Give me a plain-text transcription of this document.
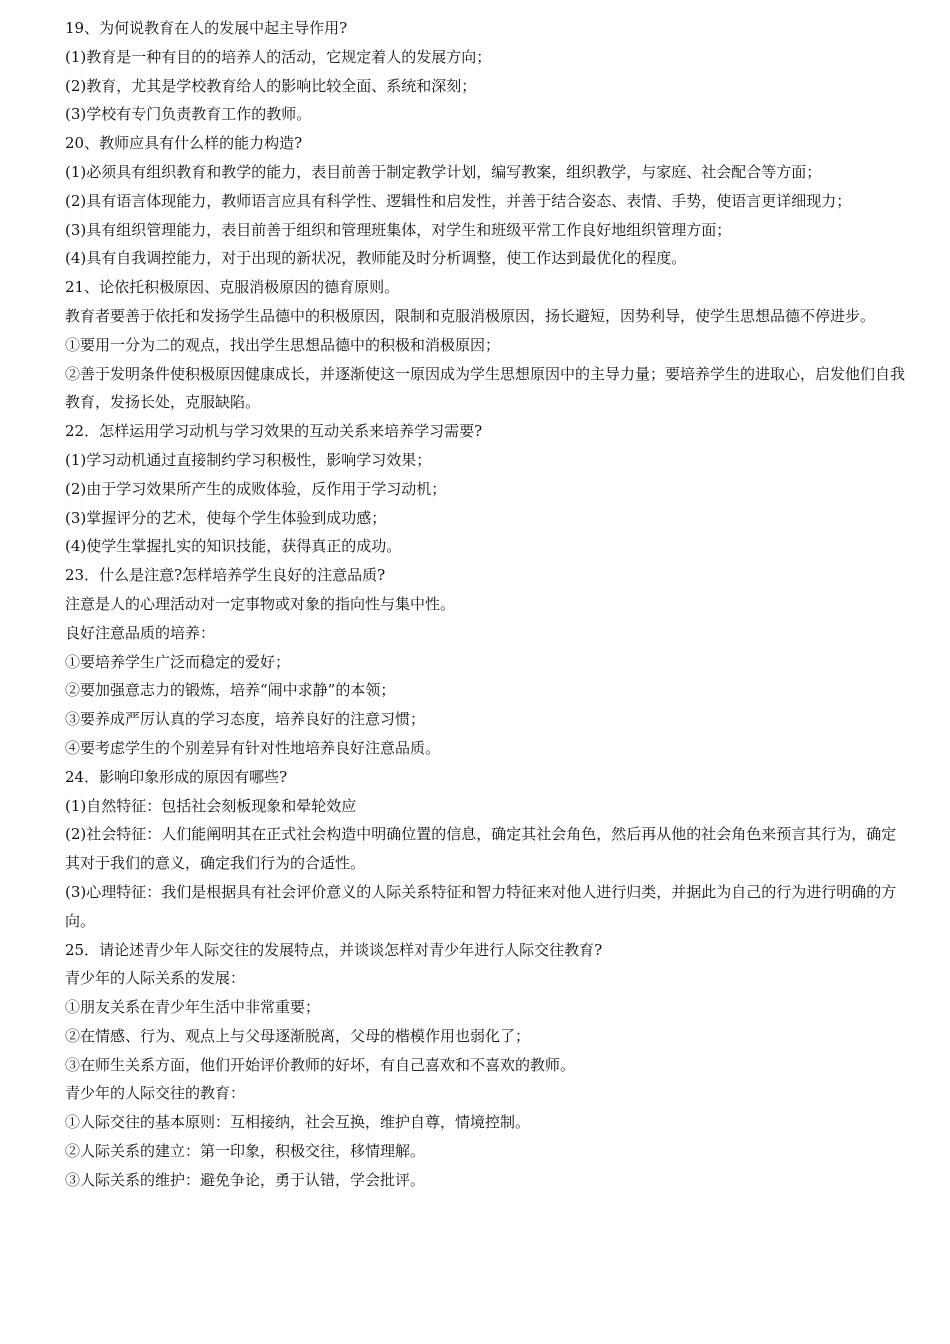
19、为何说教育在人的发展中起主导作用?

(1)教育是一种有目的的培养人的活动，它规定着人的发展方向；

(2)教育，尤其是学校教育给人的影响比较全面、系统和深刻；

(3)学校有专门负责教育工作的教师。

20、教师应具有什么样的能力构造?

(1)必须具有组织教育和教学的能力，表目前善于制定教学计划，编写教案，组织教学，与家庭、社会配合等方面；

(2)具有语言体现能力，教师语言应具有科学性、逻辑性和启发性，并善于结合姿态、表情、手势，使语言更详细现力；

(3)具有组织管理能力，表目前善于组织和管理班集体，对学生和班级平常工作良好地组织管理方面；

(4)具有自我调控能力，对于出现的新状况，教师能及时分析调整，使工作达到最优化的程度。

21、论依托积极原因、克服消极原因的德育原则。

教育者要善于依托和发扬学生品德中的积极原因，限制和克服消极原因，扬长避短，因势利导，使学生思想品德不停进步。

①要用一分为二的观点，找出学生思想品德中的积极和消极原因；

②善于发明条件使积极原因健康成长，并逐渐使这一原因成为学生思想原因中的主导力量；要培养学生的进取心，启发他们自我教育，发扬长处，克服缺陷。

22．怎样运用学习动机与学习效果的互动关系来培养学习需要?

(1)学习动机通过直接制约学习积极性，影响学习效果；

(2)由于学习效果所产生的成败体验，反作用于学习动机；

(3)掌握评分的艺术，使每个学生体验到成功感；

(4)使学生掌握扎实的知识技能，获得真正的成功。

23．什么是注意?怎样培养学生良好的注意品质?

注意是人的心理活动对一定事物或对象的指向性与集中性。

良好注意品质的培养：

①要培养学生广泛而稳定的爱好；

②要加强意志力的锻炼，培养“闹中求静”的本领；

③要养成严厉认真的学习态度，培养良好的注意习惯；

④要考虑学生的个别差异有针对性地培养良好注意品质。

24．影响印象形成的原因有哪些?

(1)自然特征：包括社会刻板现象和晕轮效应

(2)社会特征：人们能阐明其在正式社会构造中明确位置的信息，确定其社会角色，然后再从他的社会角色来预言其行为，确定其对于我们的意义，确定我们行为的合适性。

(3)心理特征：我们是根据具有社会评价意义的人际关系特征和智力特征来对他人进行归类，并据此为自己的行为进行明确的方向。

25．请论述青少年人际交往的发展特点，并谈谈怎样对青少年进行人际交往教育?

青少年的人际关系的发展：

①朋友关系在青少年生活中非常重要；

②在情感、行为、观点上与父母逐渐脱离，父母的楷模作用也弱化了；

③在师生关系方面，他们开始评价教师的好坏，有自己喜欢和不喜欢的教师。

青少年的人际交往的教育：

①人际交往的基本原则：互相接纳，社会互换，维护自尊，情境控制。

②人际关系的建立：第一印象，积极交往，移情理解。

③人际关系的维护：避免争论，勇于认错，学会批评。
